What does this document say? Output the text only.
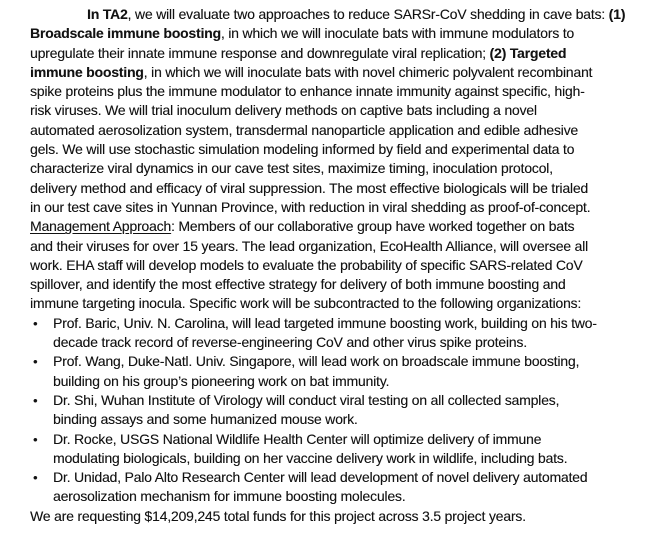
In TA2, we will evaluate two approaches to reduce SARSr-CoV shedding in cave bats: (1)
Broadscale immune boosting, in which we will inoculate bats with immune modulators to
upregulate their innate immune response and downregulate viral replication; (2) Targeted
immune boosting, in which we will inoculate bats with novel chimeric polyvalent recombinant
spike proteins plus the immune modulator to enhance innate immunity against specific, high-
risk viruses. We will trial inoculum delivery methods on captive bats including a novel
automated aerosolization system, transdermal nanoparticle application and edible adhesive
gels. We will use stochastic simulation modeling informed by field and experimental data to
characterize viral dynamics in our cave test sites, maximize timing, inoculation protocol,
delivery method and efficacy of viral suppression. The most effective biologicals will be trialed
in our test cave sites in Yunnan Province, with reduction in viral shedding as proof-of-concept.
Management Approach: Members of our collaborative group have worked together on bats
and their viruses for over 15 years. The lead organization, EcoHealth Alliance, will oversee all
work. EHA staff will develop models to evaluate the probability of specific SARS-related CoV
spillover, and identify the most effective strategy for delivery of both immune boosting and
immune targeting inocula. Specific work will be subcontracted to the following organizations:
•	Prof. Baric, Univ. N. Carolina, will lead targeted immune boosting work, building on his two-
decade track record of reverse-engineering CoV and other virus spike proteins.
•	Prof. Wang, Duke-Natl. Univ. Singapore, will lead work on broadscale immune boosting,
building on his group’s pioneering work on bat immunity.
•	Dr. Shi, Wuhan Institute of Virology will conduct viral testing on all collected samples,
binding assays and some humanized mouse work.
•	Dr. Rocke, USGS National Wildlife Health Center will optimize delivery of immune
modulating biologicals, building on her vaccine delivery work in wildlife, including bats.
•	Dr. Unidad, Palo Alto Research Center will lead development of novel delivery automated
aerosolization mechanism for immune boosting molecules.
We are requesting $14,209,245 total funds for this project across 3.5 project years.
